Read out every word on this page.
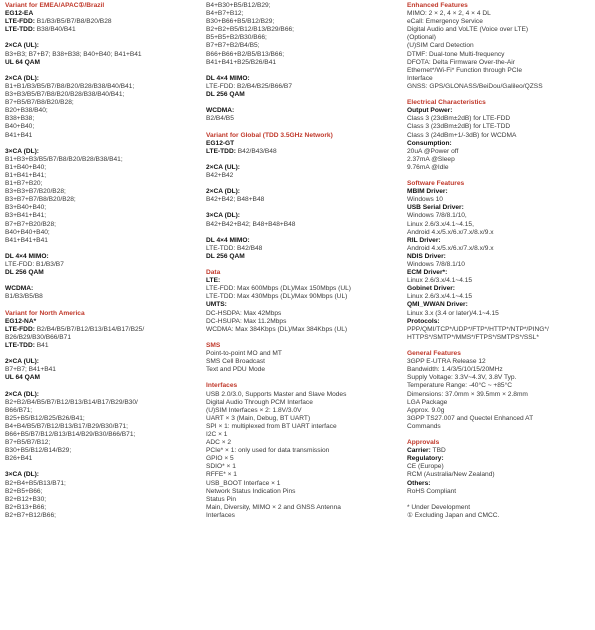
Variant for EMEA/APAC①/Brazil
EG12-EA
LTE-FDD: B1/B3/B5/B7/B8/B20/B28
LTE-TDD: B38/B40/B41
2×CA (UL):
B3+B3; B7+B7; B38+B38; B40+B40; B41+B41
UL 64 QAM
2×CA (DL):
B1+B1/B3/B5/B7/B8/B20/B28/B38/B40/B41;
B3+B3/B5/B7/B8/B20/B28/B38/B40/B41;
B7+B5/B7/B8/B20/B28;
B20+B38/B40;
B38+B38;
B40+B40;
B41+B41
3×CA (DL):
B1+B3+B3/B5/B7/B8/B20/B28/B38/B41;
B1+B40+B40;
B1+B41+B41;
B1+B7+B20;
B3+B3+B7/B20/B28;
B3+B7+B7/B8/B20/B28;
B3+B40+B40;
B3+B41+B41;
B7+B7+B20/B28;
B40+B40+B40;
B41+B41+B41
DL 4×4 MIMO:
LTE-FDD: B1/B3/B7
DL 256 QAM
WCDMA:
B1/B3/B5/B8
Variant for North America
EG12-NA*
LTE-FDD: B2/B4/B5/B7/B12/B13/B14/B17/B25/
B26/B29/B30/B66/B71
LTE-TDD: B41
2×CA (UL):
B7+B7; B41+B41
UL 64 QAM
2×CA (DL):
B2+B2/B4/B5/B7/B12/B13/B14/B17/B29/B30/
B66/B71;
B25+B5/B12/B25/B26/B41;
B4+B4/B5/B7/B12/B13/B17/B29/B30/B71;
B66+B5/B7/B12/B13/B14/B29/B30/B66/B71;
B7+B5/B7/B12;
B30+B5/B12/B14/B29;
B26+B41
3×CA (DL):
B2+B4+B5/B13/B71;
B2+B5+B66;
B2+B12+B30;
B2+B13+B66;
B2+B7+B12/B66;
B4+B30+B5/B12/B29;
B4+B7+B12;
B30+B66+B5/B12/B29;
B2+B2+B5/B12/B13/B29/B66;
B5+B5+B2/B30/B66;
B7+B7+B2/B4/B5;
B66+B66+B2/B5/B13/B66;
B41+B41+B25/B26/B41
DL 4×4 MIMO:
LTE-FDD: B2/B4/B25/B66/B7
DL 256 QAM
WCDMA:
B2/B4/B5
Variant for Global (TDD 3.5GHz Network)
EG12-GT
LTE-TDD: B42/B43/B48
2×CA (UL):
B42+B42
2×CA (DL):
B42+B42; B48+B48
3×CA (DL):
B42+B42+B42; B48+B48+B48
DL 4×4 MIMO:
LTE-TDD: B42/B48
DL 256 QAM
Data
LTE:
LTE-FDD: Max 600Mbps (DL)/Max 150Mbps (UL)
LTE-TDD: Max 430Mbps (DL)/Max 90Mbps (UL)
UMTS:
DC-HSDPA: Max 42Mbps
DC-HSUPA: Max 11.2Mbps
WCDMA: Max 384Kbps (DL)/Max 384Kbps (UL)
SMS
Point-to-point MO and MT
SMS Cell Broadcast
Text and PDU Mode
Interfaces
USB 2.0/3.0, Supports Master and Slave Modes
Digital Audio Through PCM Interface
(U)SIM Interfaces × 2: 1.8V/3.0V
UART × 3 (Main, Debug, BT UART)
SPI × 1: multiplexed from BT UART interface
I2C × 1
ADC × 2
PCIe* × 1: only used for data transmission
GPIO × 5
SDIO* × 1
RFFE* × 1
USB_BOOT Interface × 1
Network Status Indication Pins
Status Pin
Main, Diversity, MIMO × 2 and GNSS Antenna
Interfaces
Enhanced Features
MIMO: 2 × 2, 4 × 2, 4 × 4 DL
eCall: Emergency Service
Digital Audio and VoLTE (Voice over LTE)
(Optional)
(U)SIM Card Detection
DTMF: Dual-tone Multi-frequency
DFOTA: Delta Firmware Over-the-Air
Ethernet*/Wi-Fi* Function through PCIe
Interface
GNSS: GPS/GLONASS/BeiDou/Galileo/QZSS
Electrical Characteristics
Output Power:
Class 3 (23dBm±2dB) for LTE-FDD
Class 3 (23dBm±2dB) for LTE-TDD
Class 3 (24dBm+1/-3dB) for WCDMA
Consumption:
20uA @Power off
2.37mA @Sleep
9.76mA @Idle
Software Features
MBIM Driver:
Windows 10
USB Serial Driver:
Windows 7/8/8.1/10,
Linux 2.6/3.x/4.1~4.15,
Android 4.x/5.x/6.x/7.x/8.x/9.x
RIL Driver:
Android 4.x/5.x/6.x/7.x/8.x/9.x
NDIS Driver:
Windows 7/8/8.1/10
ECM Driver*:
Linux 2.6/3.x/4.1~4.15
Gobinet Driver:
Linux 2.6/3.x/4.1~4.15
QMI_WWAN Driver:
Linux 3.x (3.4 or later)/4.1~4.15
Protocols:
PPP/QMI/TCP*/UDP*/FTP*/HTTP*/NTP*/PING*/
HTTPS*/SMTP*/MMS*/FTPS*/SMTPS*/SSL*
General Features
3GPP E-UTRA Release 12
Bandwidth: 1.4/3/5/10/15/20MHz
Supply Voltage: 3.3V~4.3V, 3.8V Typ.
Temperature Range: -40°C ~ +85°C
Dimensions: 37.0mm × 39.5mm × 2.8mm
LGA Package
Approx. 9.0g
3GPP TS27.007 and Quectel Enhanced AT
Commands
Approvals
Carrier: TBD
Regulatory:
CE (Europe)
RCM (Australia/New Zealand)
Others:
RoHS Compliant
* Under Development
① Excluding Japan and CMCC.
